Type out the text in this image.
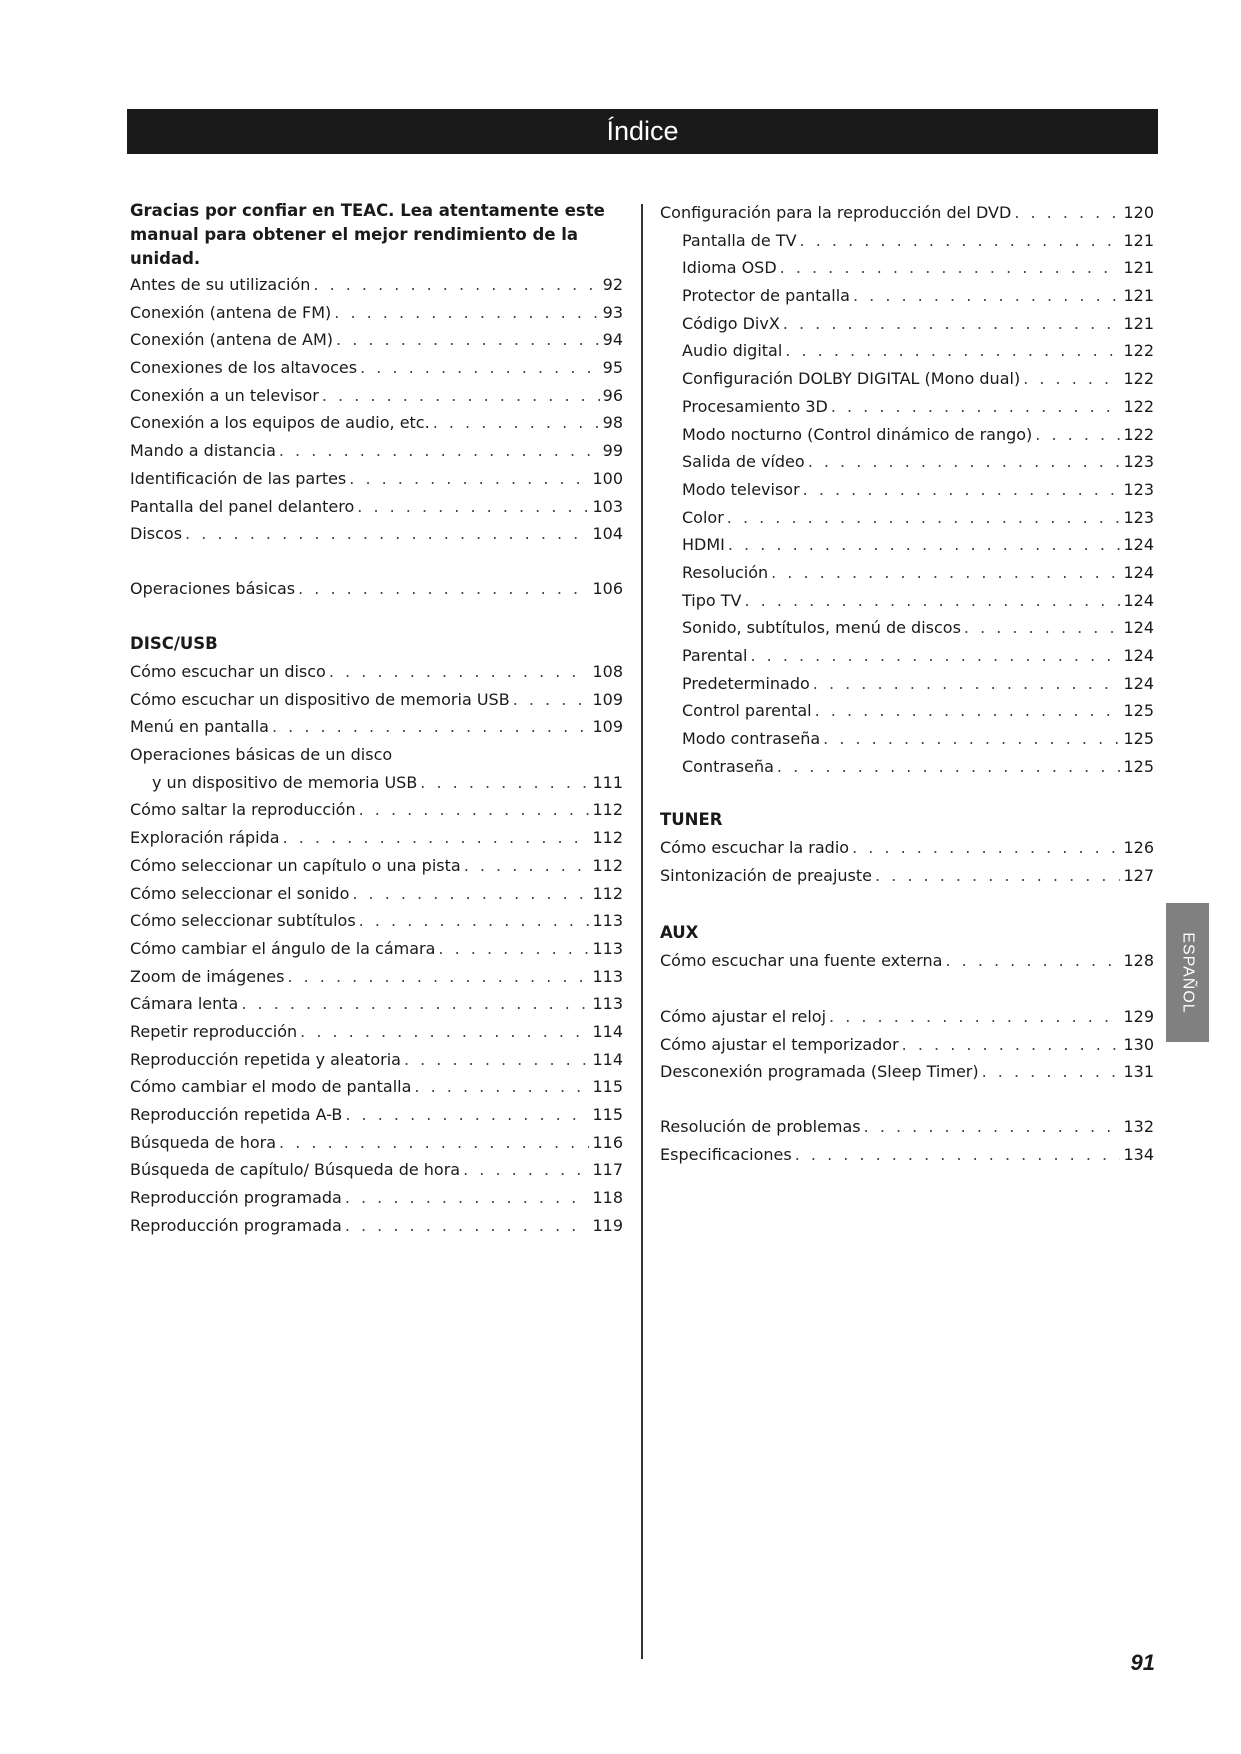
Índice
Gracias por confiar en TEAC. Lea atentamente este manual para obtener el mejor rendimiento de la unidad.
Antes de su utilización . . .	92
Conexión (antena de FM) . . .	93
Conexión (antena de AM) . . .	94
Conexiones de los altavoces . . .	95
Conexión a un televisor . . .	96
Conexión a los equipos de audio, etc. . . .	98
Mando a distancia . . .	99
Identificación de las partes . . .	100
Pantalla del panel delantero . . .	103
Discos . . .	104
Operaciones básicas . . .	106
DISC/USB
Cómo escuchar un disco . . .	108
Cómo escuchar un dispositivo de memoria USB . . .	109
Menú en pantalla . . .	109
Operaciones básicas de un disco
y un dispositivo de memoria USB . . .	111
Cómo saltar la reproducción . . .	112
Exploración rápida . . .	112
Cómo seleccionar un capítulo o una pista . . .	112
Cómo seleccionar el sonido . . .	112
Cómo seleccionar subtítulos . . .	113
Cómo cambiar el ángulo de la cámara . . .	113
Zoom de imágenes . . .	113
Cámara lenta . . .	113
Repetir reproducción . . .	114
Reproducción repetida y aleatoria . . .	114
Cómo cambiar el modo de pantalla . . .	115
Reproducción repetida A-B . . .	115
Búsqueda de hora . . .	116
Búsqueda de capítulo/ Búsqueda de hora . . .	117
Reproducción programada . . .	118
Reproducción programada . . .	119
Configuración para la reproducción del DVD . . .	120
Pantalla de TV . . .	121
Idioma OSD . . .	121
Protector de pantalla . . .	121
Código DivX . . .	121
Audio digital . . .	122
Configuración DOLBY DIGITAL (Mono dual) . . .	122
Procesamiento 3D . . .	122
Modo nocturno (Control dinámico de rango) . . .	122
Salida de vídeo . . .	123
Modo televisor . . .	123
Color . . .	123
HDMI . . .	124
Resolución . . .	124
Tipo TV . . .	124
Sonido, subtítulos, menú de discos . . .	124
Parental . . .	124
Predeterminado . . .	124
Control parental . . .	125
Modo contraseña . . .	125
Contraseña . . .	125
TUNER
Cómo escuchar la radio . . .	126
Sintonización de preajuste . . .	127
AUX
Cómo escuchar una fuente externa . . .	128
Cómo ajustar el reloj . . .	129
Cómo ajustar el temporizador . . .	130
Desconexión programada (Sleep Timer) . . .	131
Resolución de problemas . . .	132
Especificaciones . . .	134
ESPAÑOL
91
